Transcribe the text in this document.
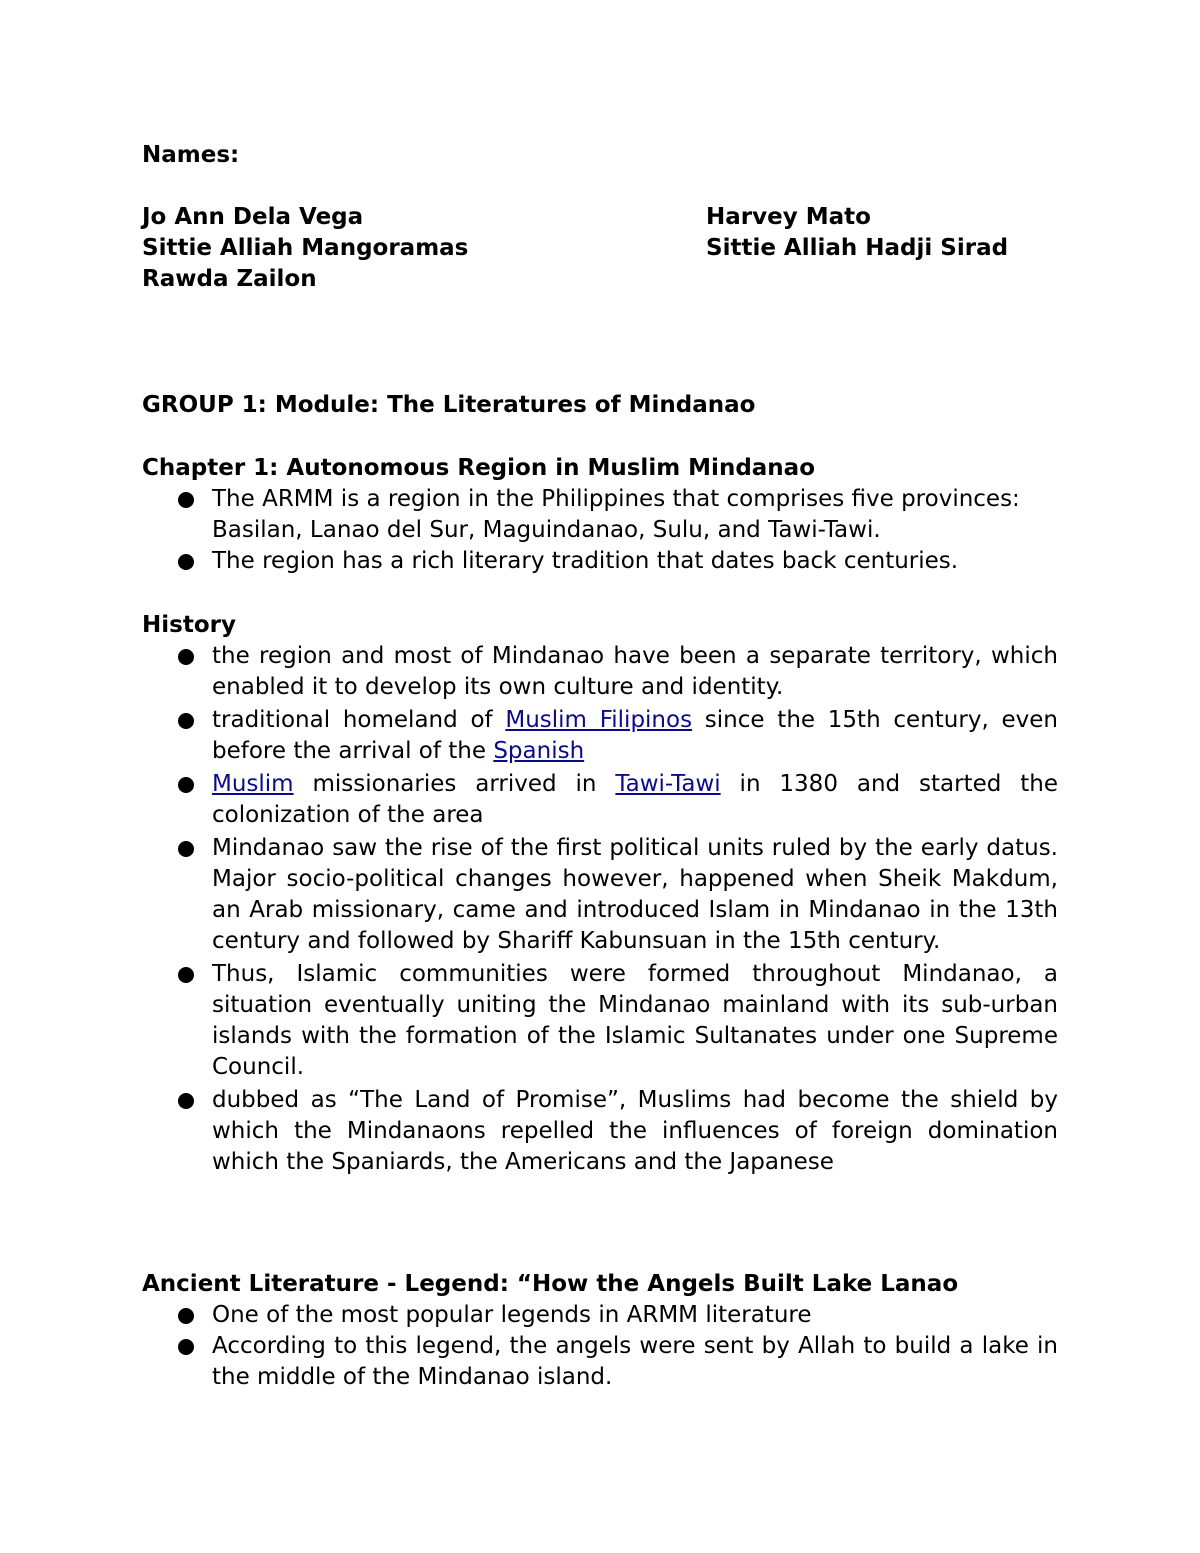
Names:
Jo Ann Dela Vega
Sittie Alliah Mangoramas
Rawda Zailon
Harvey Mato
Sittie Alliah Hadji Sirad
GROUP 1: Module: The Literatures of Mindanao
Chapter 1: Autonomous Region in Muslim Mindanao
The ARMM is a region in the Philippines that comprises five provinces: Basilan, Lanao del Sur, Maguindanao, Sulu, and Tawi-Tawi.
The region has a rich literary tradition that dates back centuries.
History
the region and most of Mindanao have been a separate territory, which enabled it to develop its own culture and identity.
traditional homeland of Muslim Filipinos since the 15th century, even before the arrival of the Spanish
Muslim missionaries arrived in Tawi-Tawi in 1380 and started the colonization of the area
Mindanao saw the rise of the first political units ruled by the early datus. Major socio-political changes however, happened when Sheik Makdum, an Arab missionary, came and introduced Islam in Mindanao in the 13th century and followed by Shariff Kabunsuan in the 15th century.
Thus, Islamic communities were formed throughout Mindanao, a situation eventually uniting the Mindanao mainland with its sub-urban islands with the formation of the Islamic Sultanates under one Supreme Council.
dubbed as “The Land of Promise”, Muslims had become the shield by which the Mindanaons repelled the influences of foreign domination which the Spaniards, the Americans and the Japanese
Ancient Literature - Legend: “How the Angels Built Lake Lanao
One of the most popular legends in ARMM literature
According to this legend, the angels were sent by Allah to build a lake in the middle of the Mindanao island.
